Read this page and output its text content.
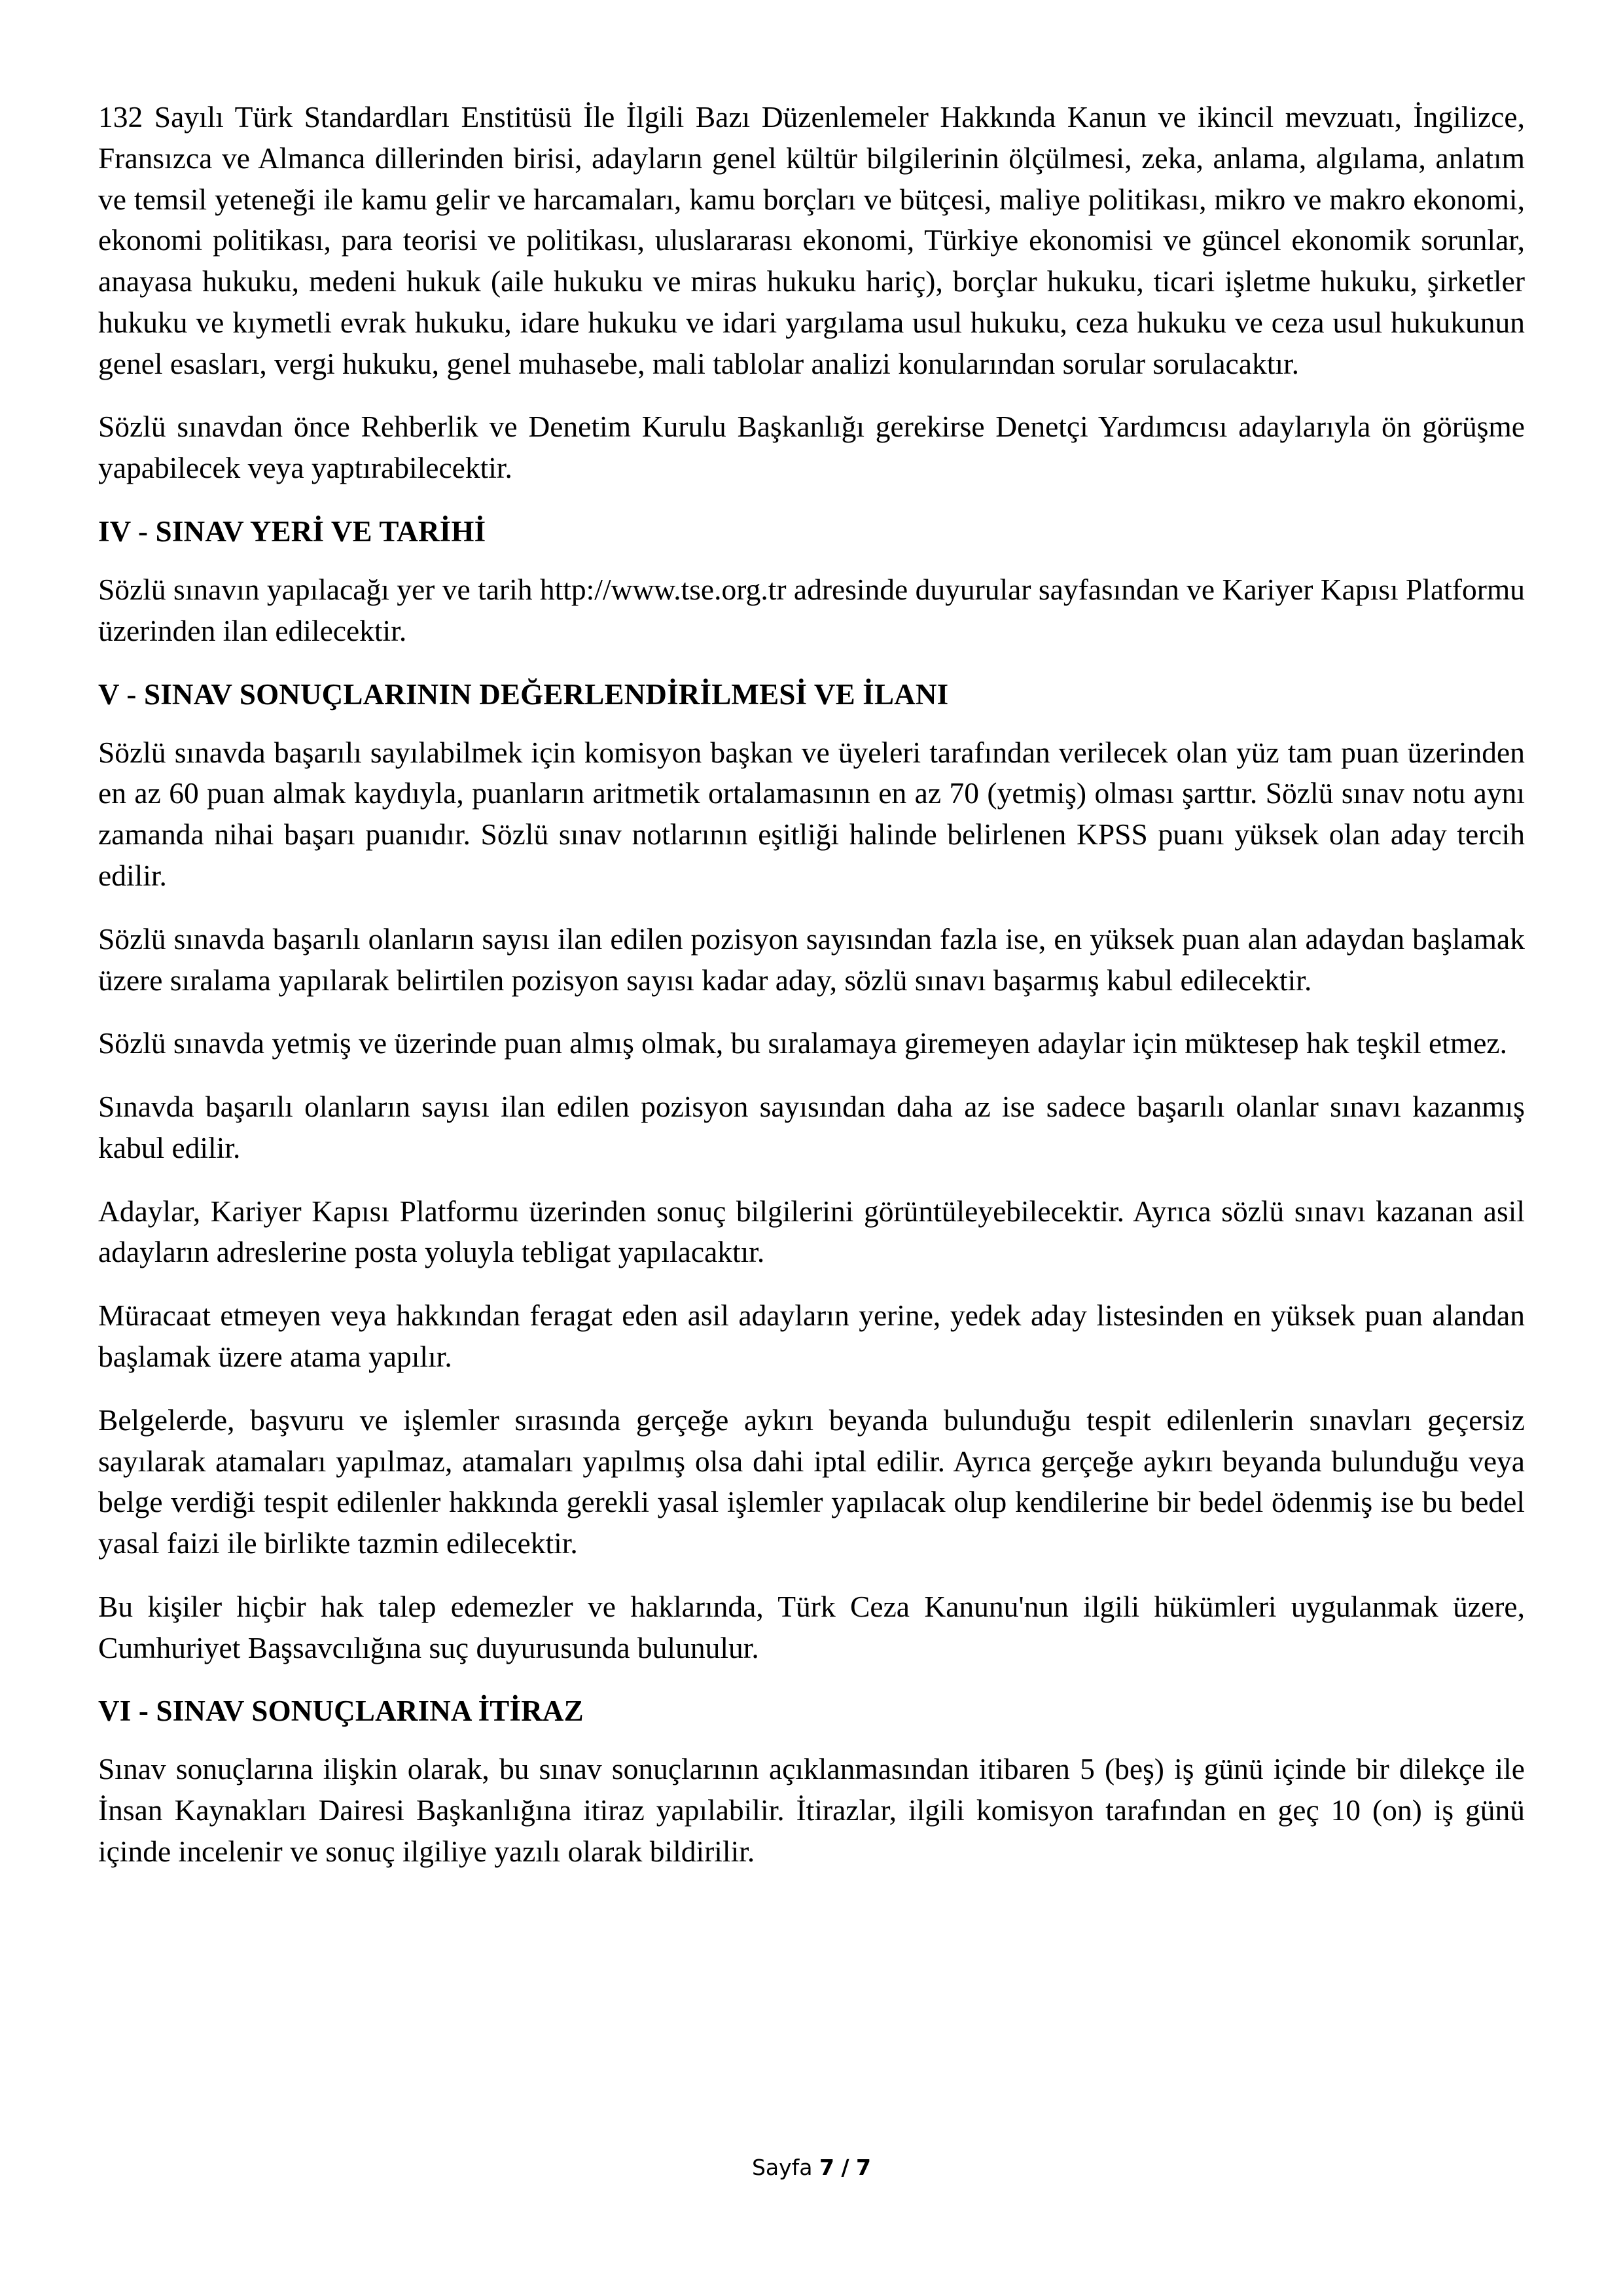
132 Sayılı Türk Standardları Enstitüsü İle İlgili Bazı Düzenlemeler Hakkında Kanun ve ikincil mevzuatı, İngilizce, Fransızca ve Almanca dillerinden birisi, adayların genel kültür bilgilerinin ölçülmesi, zeka, anlama, algılama, anlatım ve temsil yeteneği ile kamu gelir ve harcamaları, kamu borçları ve bütçesi, maliye politikası, mikro ve makro ekonomi, ekonomi politikası, para teorisi ve politikası, uluslararası ekonomi, Türkiye ekonomisi ve güncel ekonomik sorunlar, anayasa hukuku, medeni hukuk (aile hukuku ve miras hukuku hariç), borçlar hukuku, ticari işletme hukuku, şirketler hukuku ve kıymetli evrak hukuku, idare hukuku ve idari yargılama usul hukuku, ceza hukuku ve ceza usul hukukunun genel esasları, vergi hukuku, genel muhasebe, mali tablolar analizi konularından sorular sorulacaktır.

Sözlü sınavdan önce Rehberlik ve Denetim Kurulu Başkanlığı gerekirse Denetçi Yardımcısı adaylarıyla ön görüşme yapabilecek veya yaptırabilecektir.

IV - SINAV YERİ VE TARİHİ

Sözlü sınavın yapılacağı yer ve tarih http://www.tse.org.tr adresinde duyurular sayfasından ve Kariyer Kapısı Platformu üzerinden ilan edilecektir.

V - SINAV SONUÇLARININ DEĞERLENDİRİLMESİ VE İLANI

Sözlü sınavda başarılı sayılabilmek için komisyon başkan ve üyeleri tarafından verilecek olan yüz tam puan üzerinden en az 60 puan almak kaydıyla, puanların aritmetik ortalamasının en az 70 (yetmiş) olması şarttır. Sözlü sınav notu aynı zamanda nihai başarı puanıdır. Sözlü sınav notlarının eşitliği halinde belirlenen KPSS puanı yüksek olan aday tercih edilir.

Sözlü sınavda başarılı olanların sayısı ilan edilen pozisyon sayısından fazla ise, en yüksek puan alan adaydan başlamak üzere sıralama yapılarak belirtilen pozisyon sayısı kadar aday, sözlü sınavı başarmış kabul edilecektir.

Sözlü sınavda yetmiş ve üzerinde puan almış olmak, bu sıralamaya giremeyen adaylar için müktesep hak teşkil etmez.

Sınavda başarılı olanların sayısı ilan edilen pozisyon sayısından daha az ise sadece başarılı olanlar sınavı kazanmış kabul edilir.

Adaylar, Kariyer Kapısı Platformu üzerinden sonuç bilgilerini görüntüleyebilecektir. Ayrıca sözlü sınavı kazanan asil adayların adreslerine posta yoluyla tebligat yapılacaktır.

Müracaat etmeyen veya hakkından feragat eden asil adayların yerine, yedek aday listesinden en yüksek puan alandan başlamak üzere atama yapılır.

Belgelerde, başvuru ve işlemler sırasında gerçeğe aykırı beyanda bulunduğu tespit edilenlerin sınavları geçersiz sayılarak atamaları yapılmaz, atamaları yapılmış olsa dahi iptal edilir. Ayrıca gerçeğe aykırı beyanda bulunduğu veya belge verdiği tespit edilenler hakkında gerekli yasal işlemler yapılacak olup kendilerine bir bedel ödenmiş ise bu bedel yasal faizi ile birlikte tazmin edilecektir.

Bu kişiler hiçbir hak talep edemezler ve haklarında, Türk Ceza Kanunu'nun ilgili hükümleri uygulanmak üzere, Cumhuriyet Başsavcılığına suç duyurusunda bulunulur.

VI - SINAV SONUÇLARINA İTİRAZ

Sınav sonuçlarına ilişkin olarak, bu sınav sonuçlarının açıklanmasından itibaren 5 (beş) iş günü içinde bir dilekçe ile İnsan Kaynakları Dairesi Başkanlığına itiraz yapılabilir. İtirazlar, ilgili komisyon tarafından en geç 10 (on) iş günü içinde incelenir ve sonuç ilgiliye yazılı olarak bildirilir.

Sayfa 7 / 7
